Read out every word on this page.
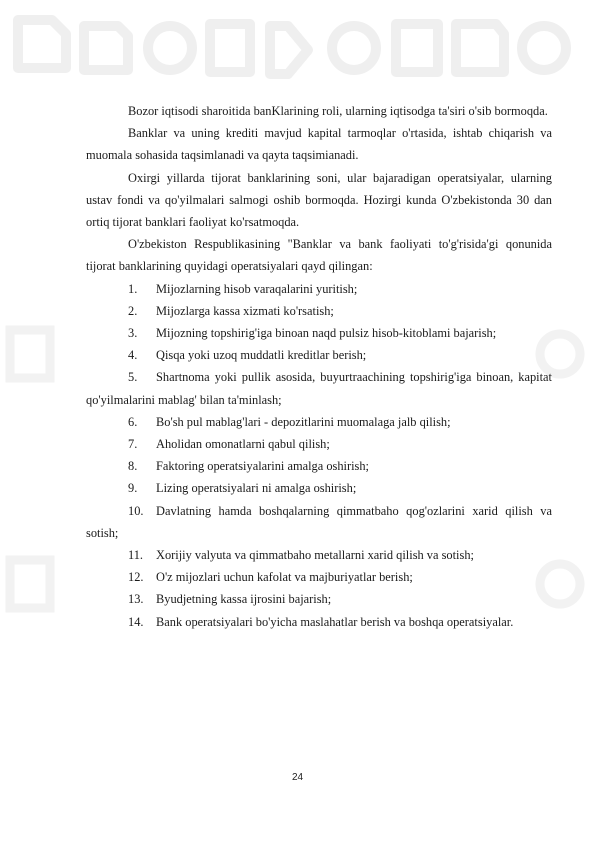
Bozor iqtisodi sharoitida banKlarining roli, ularning iqtisodga ta'siri o'sib bormoqda.

Banklar va uning krediti mavjud kapital tarmoqlar o'rtasida, ishtab chiqarish va muomala sohasida taqsimlanadi va qayta taqsimianadi.

Oxirgi yillarda tijorat banklarining soni, ular bajaradigan operatsiyalar, ularning ustav fondi va qo'yilmalari salmogi oshib bormoqda. Hozirgi kunda O'zbekistonda 30 dan ortiq tijorat banklari faoliyat ko'rsatmoqda.

O'zbekiston Respublikasining "Banklar va bank faoliyati to'g'risida'gi qonunida tijorat banklarining quyidagi operatsiyalari qayd qilingan:

1. Mijozlarning hisob varaqalarini yuritish;

2. Mijozlarga kassa xizmati ko'rsatish;

3. Mijozning topshirig'iga binoan naqd pulsiz hisob-kitoblami bajarish;

4. Qisqa yoki uzoq muddatli kreditlar berish;

5. Shartnoma yoki pullik asosida, buyurtraachining topshirig'iga binoan, kapitat qo'yilmalarini mablag' bilan ta'minlash;

6. Bo'sh pul mablag'lari - depozitlarini muomalaga jalb qilish;

7. Aholidan omonatlarni qabul qilish;

8. Faktoring operatsiyalarini amalga oshirish;

9. Lizing operatsiyalari ni amalga oshirish;

10. Davlatning hamda boshqalarning qimmatbaho qog'ozlarini xarid qilish va sotish;

11. Xorijiy valyuta va qimmatbaho metallarni xarid qilish va sotish;

12. O'z mijozlari uchun kafolat va majburiyatlar berish;

13. Byudjetning kassa ijrosini bajarish;

14. Bank operatsiyalari bo'yicha maslahatlar berish va boshqa operatsiyalar.

24
